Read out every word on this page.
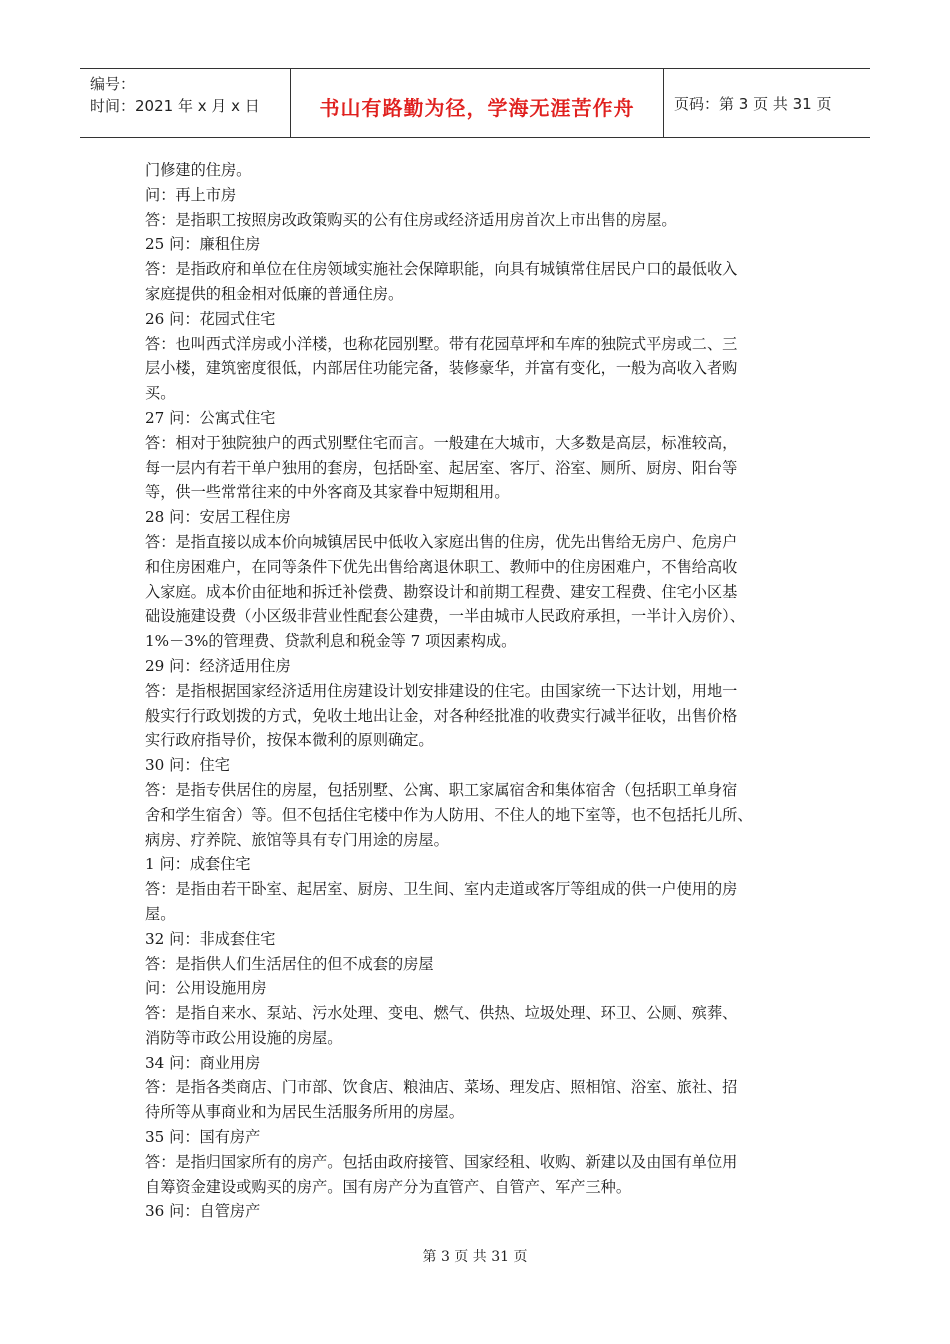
编号：
时间：2021 年 x 月 x 日	书山有路勤为径，学海无涯苦作舟	页码：第 3 页 共 31 页

门修建的住房。

问：再上市房

答：是指职工按照房改政策购买的公有住房或经济适用房首次上市出售的房屋。

25 问：廉租住房

答：是指政府和单位在住房领域实施社会保障职能，向具有城镇常住居民户口的最低收入

家庭提供的租金相对低廉的普通住房。

26 问：花园式住宅

答：也叫西式洋房或小洋楼，也称花园别墅。带有花园草坪和车库的独院式平房或二、三

层小楼，建筑密度很低，内部居住功能完备，装修豪华，并富有变化，一般为高收入者购

买。

27 问：公寓式住宅

答：相对于独院独户的西式别墅住宅而言。一般建在大城市，大多数是高层，标准较高，

每一层内有若干单户独用的套房，包括卧室、起居室、客厅、浴室、厕所、厨房、阳台等

等，供一些常常往来的中外客商及其家眷中短期租用。

28 问：安居工程住房

答：是指直接以成本价向城镇居民中低收入家庭出售的住房，优先出售给无房户、危房户

和住房困难户，在同等条件下优先出售给离退休职工、教师中的住房困难户，不售给高收

入家庭。成本价由征地和拆迁补偿费、勘察设计和前期工程费、建安工程费、住宅小区基

础设施建设费（小区级非营业性配套公建费，一半由城市人民政府承担，一半计入房价）、

1%－3%的管理费、贷款利息和税金等 7 项因素构成。

29 问：经济适用住房

答：是指根据国家经济适用住房建设计划安排建设的住宅。由国家统一下达计划，用地一

般实行行政划拨的方式，免收土地出让金，对各种经批准的收费实行减半征收，出售价格

实行政府指导价，按保本微利的原则确定。

30 问：住宅

答：是指专供居住的房屋，包括别墅、公寓、职工家属宿舍和集体宿舍（包括职工单身宿

舍和学生宿舍）等。但不包括住宅楼中作为人防用、不住人的地下室等，也不包括托儿所、

病房、疗养院、旅馆等具有专门用途的房屋。

1 问：成套住宅

答：是指由若干卧室、起居室、厨房、卫生间、室内走道或客厅等组成的供一户使用的房

屋。

32 问：非成套住宅

答：是指供人们生活居住的但不成套的房屋

问：公用设施用房

答：是指自来水、泵站、污水处理、变电、燃气、供热、垃圾处理、环卫、公厕、殡葬、

消防等市政公用设施的房屋。

34 问：商业用房

答：是指各类商店、门市部、饮食店、粮油店、菜场、理发店、照相馆、浴室、旅社、招

待所等从事商业和为居民生活服务所用的房屋。

35 问：国有房产

答：是指归国家所有的房产。包括由政府接管、国家经租、收购、新建以及由国有单位用

自筹资金建设或购买的房产。国有房产分为直管产、自管产、军产三种。

36 问：自管房产

第 3 页 共 31 页
